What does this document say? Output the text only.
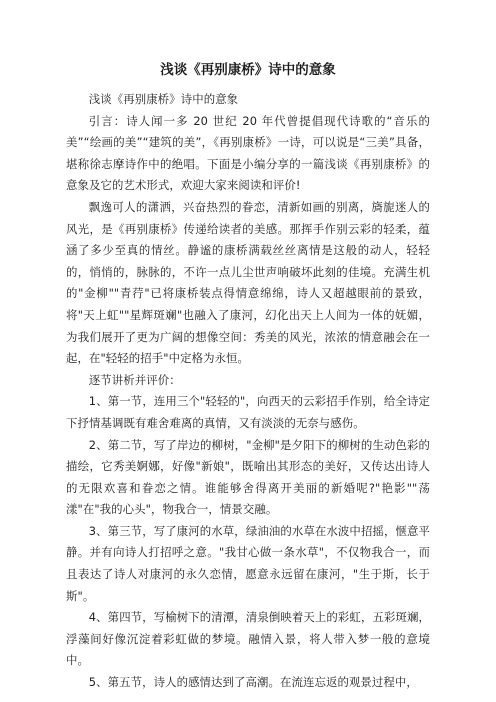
浅谈《再别康桥》诗中的意象

浅谈《再别康桥》诗中的意象

引言：诗人闻一多 20 世纪 20 年代曾提倡现代诗歌的“音乐的美”“绘画的美”“建筑的美”，《再别康桥》一诗，可以说是“三美”具备，堪称徐志摩诗作中的绝唱。下面是小编分享的一篇浅谈《再别康桥》的意象及它的艺术形式，欢迎大家来阅读和评价!

飘逸可人的潇洒，兴奋热烈的眷恋，清新如画的别离，旖旎迷人的风光，是《再别康桥》传递给读者的美感。那挥手作别云彩的轻柔，蕴涵了多少至真的情丝。静谧的康桥满载丝丝离情是这般的动人，轻轻的，悄悄的，脉脉的，不许一点儿尘世声响破坏此刻的佳境。充满生机的"金柳""青荇"已将康桥装点得情意绵绵，诗人又超越眼前的景致，将"天上虹""星辉斑斓"也融入了康河，幻化出天上人间为一体的妩媚，为我们展开了更为广阔的想像空间：秀美的风光，浓浓的情意融会在一起，在"轻轻的招手"中定格为永恒。

逐节讲析并评价：

1、第一节，连用三个"轻轻的"，向西天的云彩招手作别，给全诗定下抒情基调既有难舍难离的真情，又有淡淡的无奈与感伤。

2、第二节，写了岸边的柳树，"金柳"是夕阳下的柳树的生动色彩的描绘，它秀美婀娜，好像"新娘"，既喻出其形态的美好，又传达出诗人的无限欢喜和眷恋之情。谁能够舍得离开美丽的新婚呢?"艳影""荡漾"在"我的心头"，物我合一，情景交融。

3、第三节，写了康河的水草，绿油油的水草在水波中招摇，惬意平静。并有向诗人打招呼之意。"我甘心做一条水草"，不仅物我合一，而且表达了诗人对康河的永久恋情，愿意永远留在康河，"生于斯，长于斯"。

4、第四节，写榆树下的清潭，清泉倒映着天上的彩虹，五彩斑斓，浮藻间好像沉淀着彩虹做的梦境。融情入景，将人带入梦一般的意境中。

5、第五节，诗人的感情达到了高潮。在流连忘返的观景过程中，
